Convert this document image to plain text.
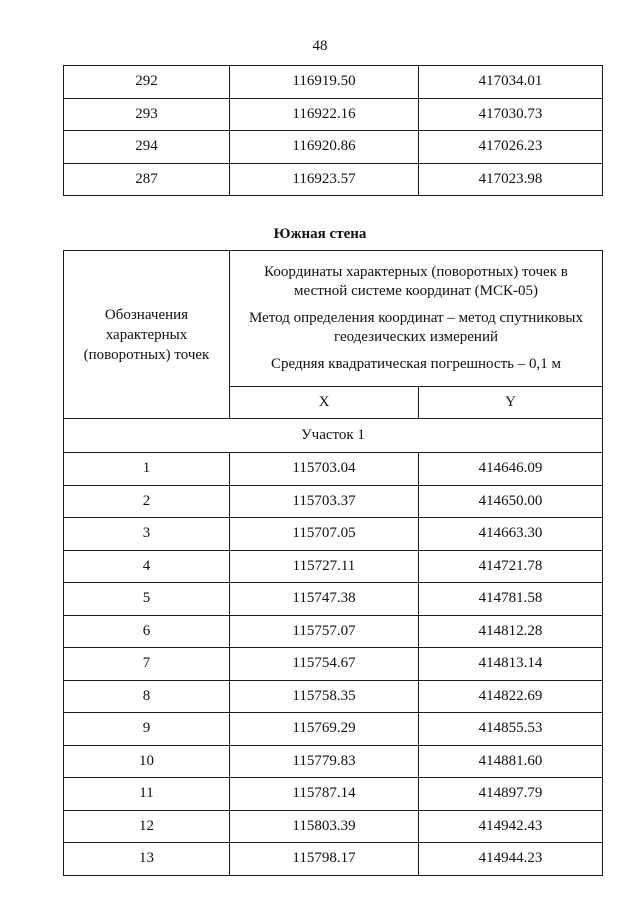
48
292	116919.50	417034.01
293	116922.16	417030.73
294	116920.86	417026.23
287	116923.57	417023.98
Южная стена
Обозначения характерных (поворотных) точек	Координаты характерных (поворотных) точек в местной системе координат (МСК-05)

Метод определения координат – метод спутниковых геодезических измерений

Средняя квадратическая погрешность – 0,1 м	

	X	Y
Участок 1		
1	115703.04	414646.09
2	115703.37	414650.00
3	115707.05	414663.30
4	115727.11	414721.78
5	115747.38	414781.58
6	115757.07	414812.28
7	115754.67	414813.14
8	115758.35	414822.69
9	115769.29	414855.53
10	115779.83	414881.60
11	115787.14	414897.79
12	115803.39	414942.43
13	115798.17	414944.23
